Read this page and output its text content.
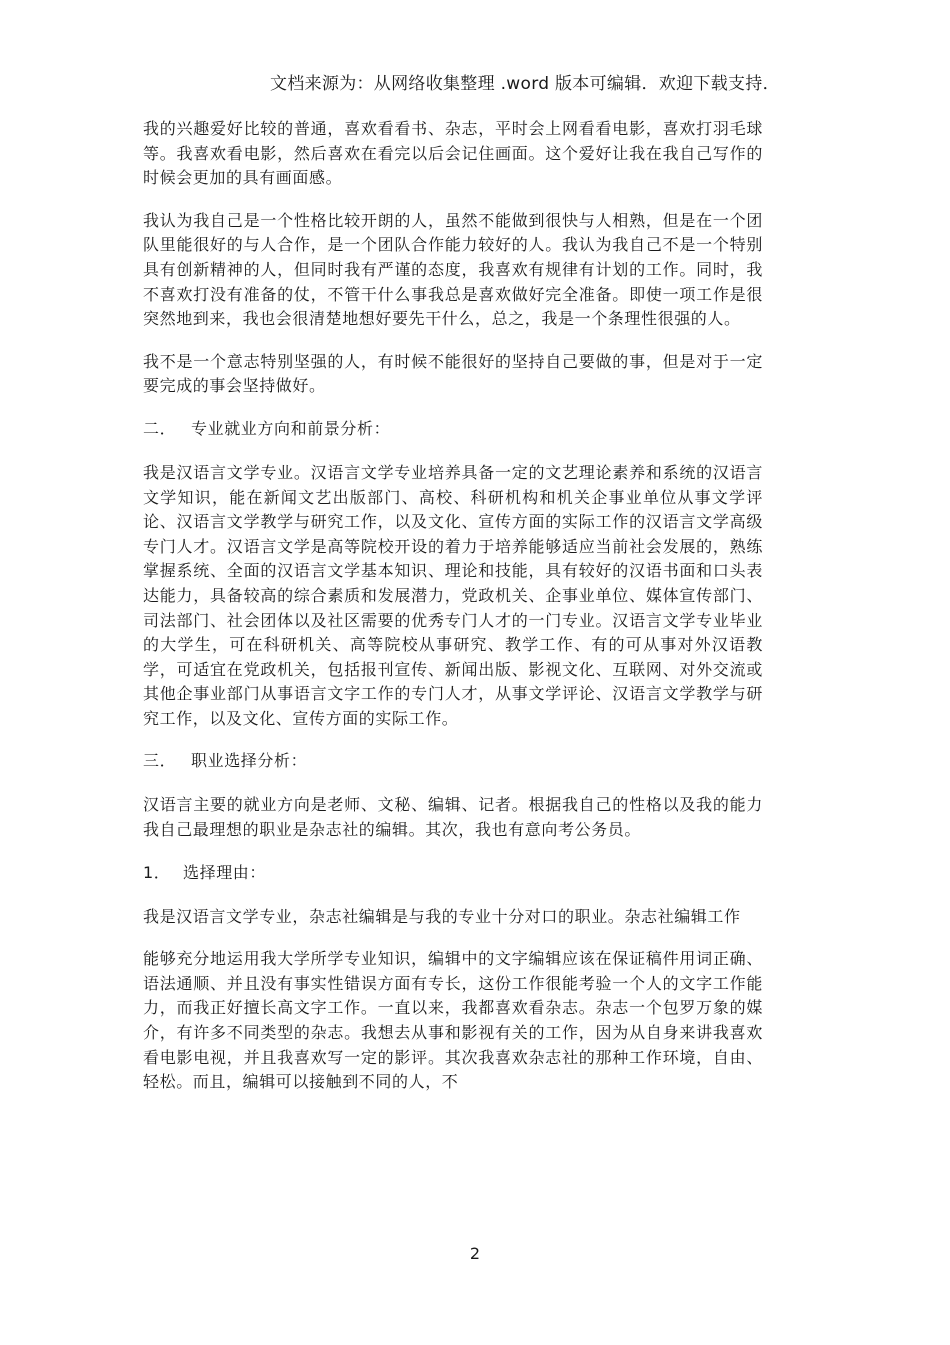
文档来源为：从网络收集整理 .word 版本可编辑．欢迎下载支持．

我的兴趣爱好比较的普通，喜欢看看书、杂志，平时会上网看看电影，喜欢打羽毛球等。我喜欢看电影，然后喜欢在看完以后会记住画面。这个爱好让我在我自己写作的时候会更加的具有画面感。

我认为我自己是一个性格比较开朗的人，虽然不能做到很快与人相熟，但是在一个团队里能很好的与人合作，是一个团队合作能力较好的人。我认为我自己不是一个特别具有创新精神的人，但同时我有严谨的态度，我喜欢有规律有计划的工作。同时，我不喜欢打没有准备的仗，不管干什么事我总是喜欢做好完全准备。即使一项工作是很突然地到来，我也会很清楚地想好要先干什么，总之，我是一个条理性很强的人。

我不是一个意志特别坚强的人，有时候不能很好的坚持自己要做的事，但是对于一定要完成的事会坚持做好。

二． 专业就业方向和前景分析：

我是汉语言文学专业。汉语言文学专业培养具备一定的文艺理论素养和系统的汉语言文学知识，能在新闻文艺出版部门、高校、科研机构和机关企事业单位从事文学评论、汉语言文学教学与研究工作，以及文化、宣传方面的实际工作的汉语言文学高级专门人才。汉语言文学是高等院校开设的着力于培养能够适应当前社会发展的，熟练掌握系统、全面的汉语言文学基本知识、理论和技能，具有较好的汉语书面和口头表达能力，具备较高的综合素质和发展潜力，党政机关、企事业单位、媒体宣传部门、司法部门、社会团体以及社区需要的优秀专门人才的一门专业。汉语言文学专业毕业的大学生，可在科研机关、高等院校从事研究、教学工作、有的可从事对外汉语教学，可适宜在党政机关，包括报刊宣传、新闻出版、影视文化、互联网、对外交流或其他企事业部门从事语言文字工作的专门人才，从事文学评论、汉语言文学教学与研究工作，以及文化、宣传方面的实际工作。

三． 职业选择分析：

汉语言主要的就业方向是老师、文秘、编辑、记者。根据我自己的性格以及我的能力我自己最理想的职业是杂志社的编辑。其次，我也有意向考公务员。

1． 选择理由：

我是汉语言文学专业，杂志社编辑是与我的专业十分对口的职业。杂志社编辑工作

能够充分地运用我大学所学专业知识，编辑中的文字编辑应该在保证稿件用词正确、语法通顺、并且没有事实性错误方面有专长，这份工作很能考验一个人的文字工作能力，而我正好擅长高文字工作。一直以来，我都喜欢看杂志。杂志一个包罗万象的媒介，有许多不同类型的杂志。我想去从事和影视有关的工作，因为从自身来讲我喜欢看电影电视，并且我喜欢写一定的影评。其次我喜欢杂志社的那种工作环境，自由、轻松。而且，编辑可以接触到不同的人，不

2
